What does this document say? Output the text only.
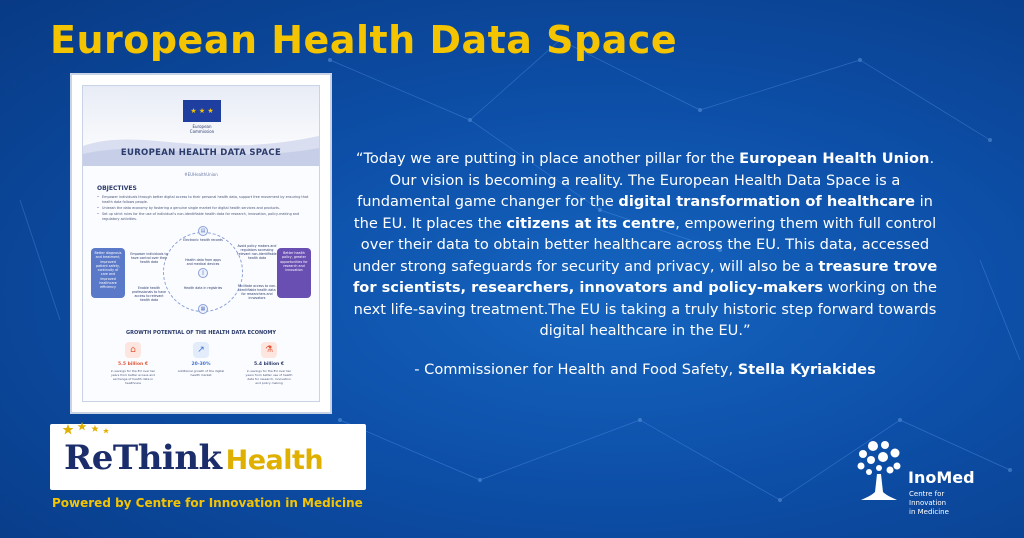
European Health Data Space
★ ★ ★
European Commission
EUROPEAN HEALTH DATA SPACE
#EUHealthUnion
OBJECTIVES
• Empower individuals through better digital access to their personal health data, support free movement by ensuring that health data follows people.
• Unleash the data economy by fostering a genuine single market for digital health services and products.
• Set up strict rules for the use of individual's non-identifiable health data for research, innovation, policy-making and regulatory activities.
Better diagnosis and treatment, improved patient safety, continuity of care and improved healthcare efficiency
Better health policy, greater opportunities for research and innovation
▤
▯
▦
Electronic health records
Empower individuals to have control over their health data	Health data from apps and medical devices
Avoid policy makers and regulators accessing relevant non-identifiable health data
Health data in registries
Enable health professionals to have access to relevant health data
Facilitate access to non-identifiable health data for researchers and innovators
GROWTH POTENTIAL OF THE HEALTH DATA ECONOMY
⌂
5.5 billion €
in savings for the EU over ten years from better access and exchange of health data in healthcare
↗
20-30%
Additional growth of the digital health market
⚗
5.4 billion €
in savings for the EU over ten years from better use of health data for research, innovation and policy making
“Today we are putting in place another pillar for the European Health Union. Our vision is becoming a reality. The European Health Data Space is a fundamental game changer for the digital transformation of healthcare in the EU. It places the citizens at its centre, empowering them with full control over their data to obtain better healthcare across the EU. This data, accessed under strong safeguards for security and privacy, will also be a treasure trove for scientists, researchers, innovators and policy-makers working on the next life-saving treatment.The EU is taking a truly historic step forward towards digital healthcare in the EU.”
- Commissioner for Health and Food Safety, Stella Kyriakides
ReThink Health
Powered by Centre for Innovation in Medicine
InoMed
Centre for Innovation
in Medicine
